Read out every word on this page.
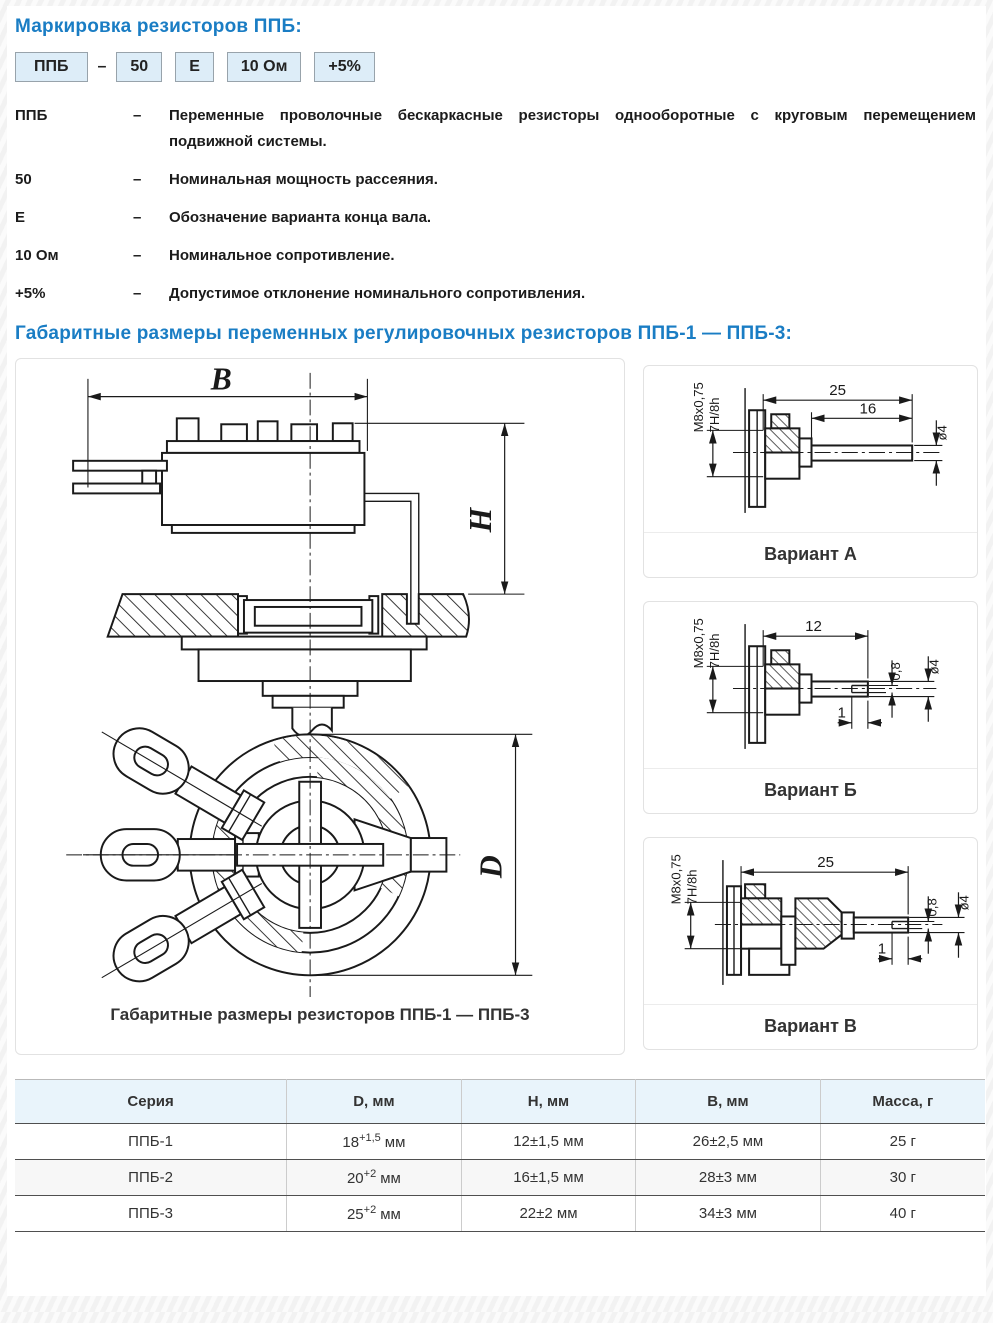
Маркировка резисторов ППБ:
ППБ	–	50	Е	10 Ом	+5%
ППБ	–	Переменные проволочные бескаркасные резисторы однооборотные с круговым перемещением подвижной системы.
50	–	Номинальная мощность рассеяния.
Е	–	Обозначение варианта конца вала.
10 Ом	–	Номинальное сопротивление.
+5%	–	Допустимое отклонение номинального сопротивления.
Габаритные размеры переменных регулировочных резисторов ППБ-1 — ППБ-3:
B
H
D
Габаритные размеры резисторов ППБ-1 — ППБ-3
25
16
ø4
M8x0,75 7H/8h
Вариант А
12
0,8 ø4
1
M8x0,75 7H/8h
Вариант Б
25
0,8 ø4
1
M8x0,75 7H/8h
Вариант В
Серия	D, мм	H, мм	B, мм	Масса, г
ППБ-1	$18^{+1,5}$ мм	12±1,5 мм	26±2,5 мм	25 г
ППБ-2	$20^{+2}$ мм	16±1,5 мм	28±3 мм	30 г
ППБ-3	$25^{+2}$ мм	22±2 мм	34±3 мм	40 г
